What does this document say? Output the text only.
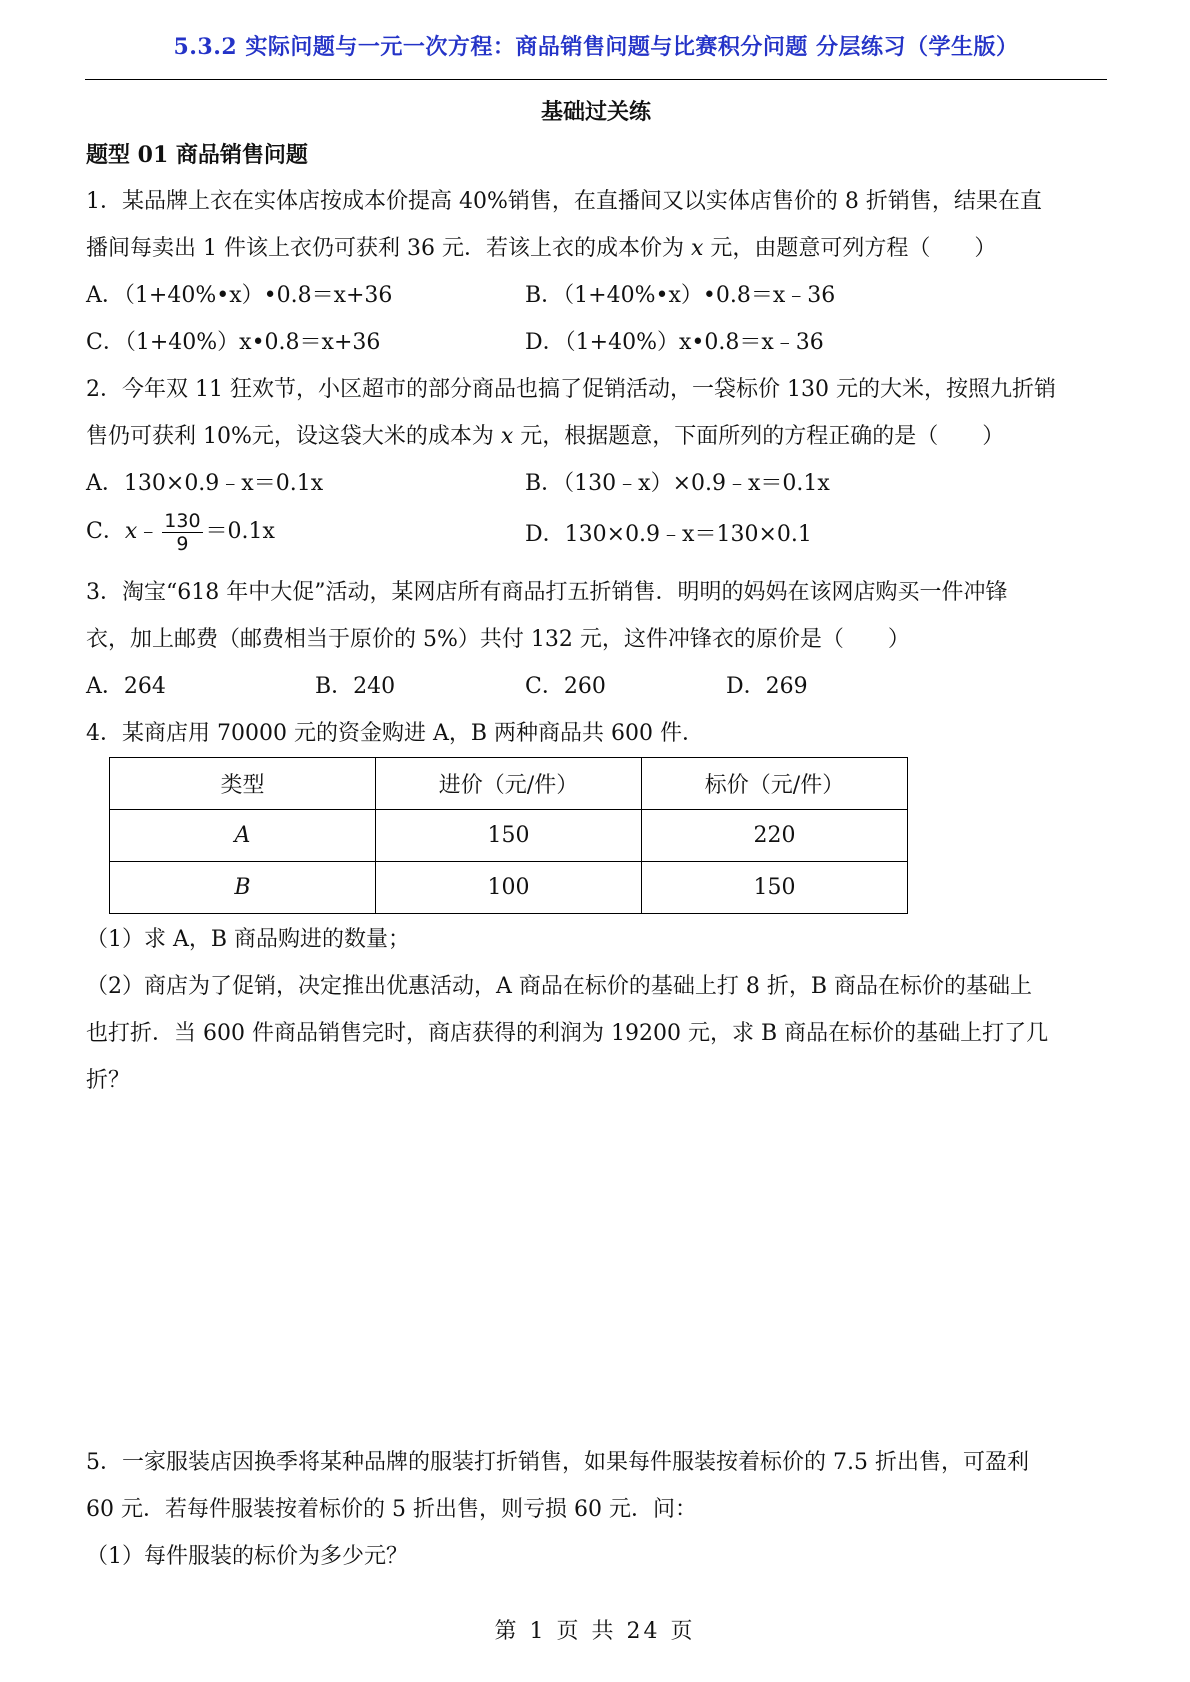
5.3.2 实际问题与一元一次方程：商品销售问题与比赛积分问题 分层练习（学生版）
基础过关练
题型 01 商品销售问题
1．某品牌上衣在实体店按成本价提高 40%销售，在直播间又以实体店售价的 8 折销售，结果在直
播间每卖出 1 件该上衣仍可获利 36 元．若该上衣的成本价为 x 元，由题意可列方程（　　）
A．（1+40%•x）•0.8＝x+36	B．（1+40%•x）•0.8＝x﹣36
C．（1+40%）x•0.8＝x+36	D．（1+40%）x•0.8＝x﹣36
2．今年双 11 狂欢节，小区超市的部分商品也搞了促销活动，一袋标价 130 元的大米，按照九折销
售仍可获利 10%元，设这袋大米的成本为 x 元，根据题意，下面所列的方程正确的是（　　）
A．130×0.9﹣x＝0.1x	B．（130﹣x）×0.9﹣x＝0.1x
C．x﹣ $\frac{130}{9} =0.1x$	D．130×0.9﹣x＝130×0.1
3．淘宝“618 年中大促”活动，某网店所有商品打五折销售．明明的妈妈在该网店购买一件冲锋
衣，加上邮费（邮费相当于原价的 5%）共付 132 元，这件冲锋衣的原价是（　　）
A．264	B．240	C．260	D．269
4．某商店用 70000 元的资金购进 A，B 两种商品共 600 件．
类型	进价（元/件）	标价（元/件）
A	150	220
B	100	150
（1）求 A，B 商品购进的数量；
（2）商店为了促销，决定推出优惠活动，A 商品在标价的基础上打 8 折，B 商品在标价的基础上
也打折．当 600 件商品销售完时，商店获得的利润为 19200 元，求 B 商品在标价的基础上打了几
折？
5．一家服装店因换季将某种品牌的服装打折销售，如果每件服装按着标价的 7.5 折出售，可盈利
60 元．若每件服装按着标价的 5 折出售，则亏损 60 元．问：
（1）每件服装的标价为多少元？
第 1 页 共 24 页
